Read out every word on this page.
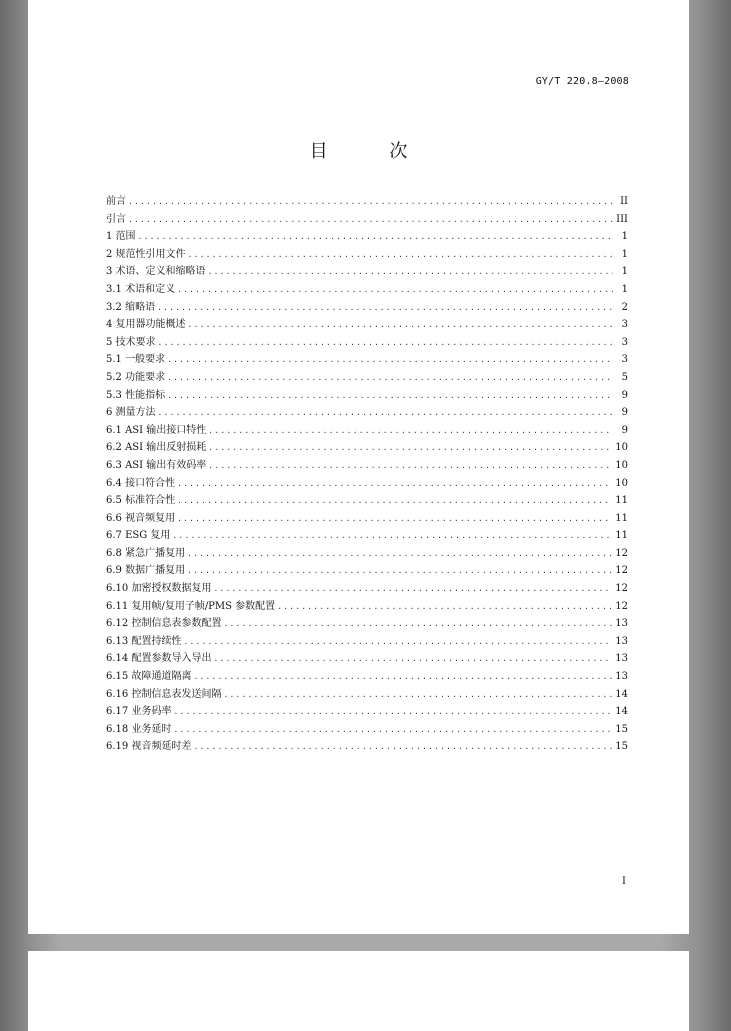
GY/T 220.8—2008
目 次
前言 .....	II
引言 .....	III
1 范围 .....	1
2 规范性引用文件 .....	1
3 术语、定义和缩略语 .....	1
3.1 术语和定义 .....	1
3.2 缩略语 .....	2
4 复用器功能概述 .....	3
5 技术要求 .....	3
5.1 一般要求 .....	3
5.2 功能要求 .....	5
5.3 性能指标 .....	9
6 测量方法 .....	9
6.1 ASI 输出接口特性 .....	9
6.2 ASI 输出反射损耗 .....	10
6.3 ASI 输出有效码率 .....	10
6.4 接口符合性 .....	10
6.5 标准符合性 .....	11
6.6 视音频复用 .....	11
6.7 ESG 复用 .....	11
6.8 紧急广播复用 .....	12
6.9 数据广播复用 .....	12
6.10 加密授权数据复用 .....	12
6.11 复用帧/复用子帧/PMS 参数配置 .....	12
6.12 控制信息表参数配置 .....	13
6.13 配置持续性 .....	13
6.14 配置参数导入导出 .....	13
6.15 故障通道隔离 .....	13
6.16 控制信息表发送间隔 .....	14
6.17 业务码率 .....	14
6.18 业务延时 .....	15
6.19 视音频延时差 .....	15
I
